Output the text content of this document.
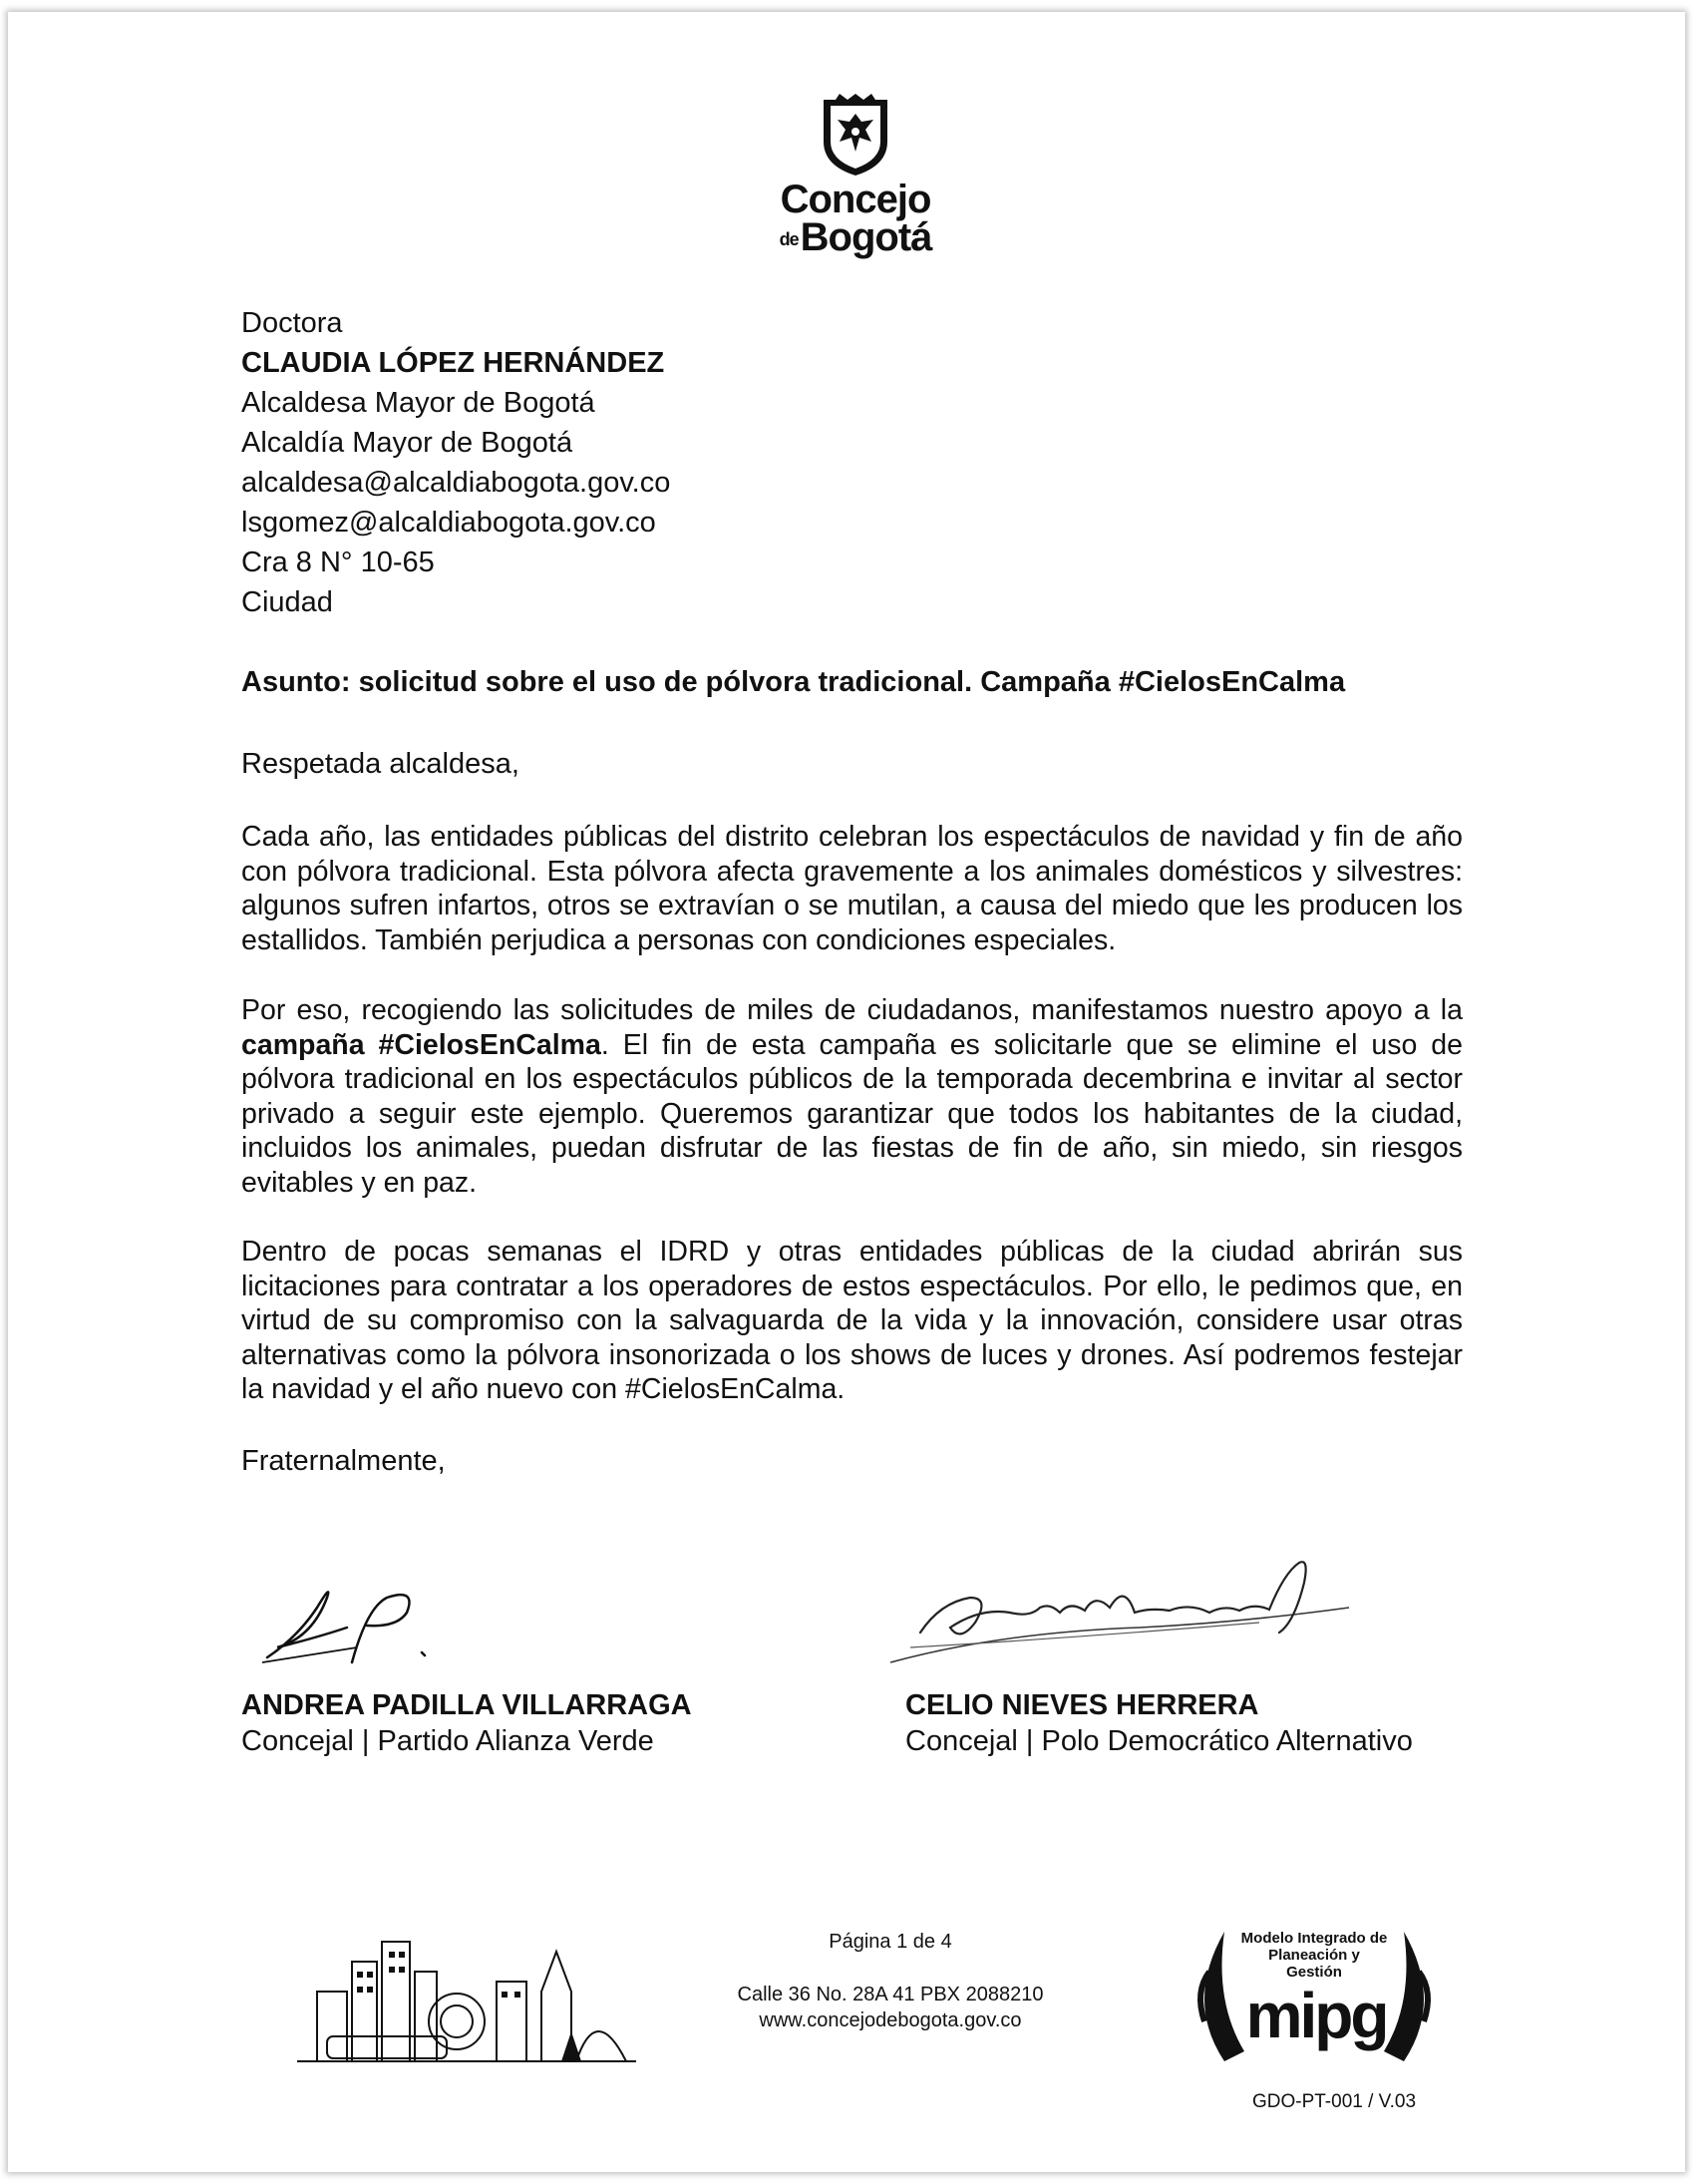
Concejo
deBogotá
Doctora
CLAUDIA LÓPEZ HERNÁNDEZ
Alcaldesa Mayor de Bogotá
Alcaldía Mayor de Bogotá
alcaldesa@alcaldiabogota.gov.co
lsgomez@alcaldiabogota.gov.co
Cra 8 N° 10-65
Ciudad
Asunto: solicitud sobre el uso de pólvora tradicional. Campaña #CielosEnCalma
Respetada alcaldesa,

Cada año, las entidades públicas del distrito celebran los espectáculos de navidad y fin de año con pólvora tradicional. Esta pólvora afecta gravemente a los animales domésticos y silvestres: algunos sufren infartos, otros se extravían o se mutilan, a causa del miedo que les producen los estallidos. También perjudica a personas con condiciones especiales.

Por eso, recogiendo las solicitudes de miles de ciudadanos, manifestamos nuestro apoyo a la campaña #CielosEnCalma. El fin de esta campaña es solicitarle que se elimine el uso de pólvora tradicional en los espectáculos públicos de la temporada decembrina e invitar al sector privado a seguir este ejemplo. Queremos garantizar que todos los habitantes de la ciudad, incluidos los animales, puedan disfrutar de las fiestas de fin de año, sin miedo, sin riesgos evitables y en paz.

Dentro de pocas semanas el IDRD y otras entidades públicas de la ciudad abrirán sus licitaciones para contratar a los operadores de estos espectáculos. Por ello, le pedimos que, en virtud de su compromiso con la salvaguarda de la vida y la innovación, considere usar otras alternativas como la pólvora insonorizada o los shows de luces y drones. Así podremos festejar la navidad y el año nuevo con #CielosEnCalma.

Fraternalmente,
ANDREA PADILLA VILLARRAGA
Concejal | Partido Alianza Verde
CELIO NIEVES HERRERA
Concejal | Polo Democrático Alternativo
Página 1 de 4
Calle 36 No. 28A 41 PBX 2088210
www.concejodebogota.gov.co
Modelo Integrado de Planeación y Gestión
mipg
GDO-PT-001 / V.03
